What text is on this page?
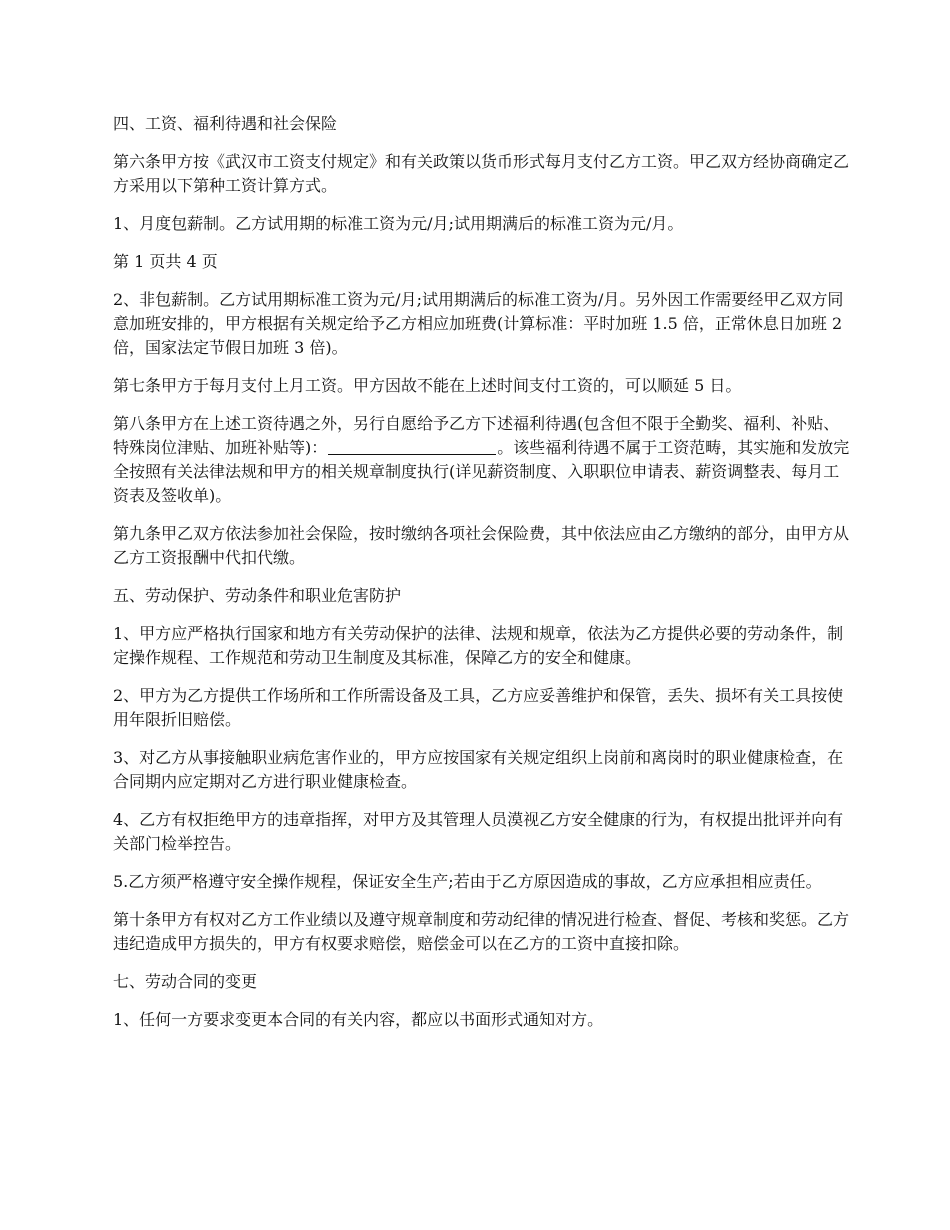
四、工资、福利待遇和社会保险

第六条甲方按《武汉市工资支付规定》和有关政策以货币形式每月支付乙方工资。甲乙双方经协商确定乙方采用以下第种工资计算方式。

1、月度包薪制。乙方试用期的标准工资为元/月;试用期满后的标准工资为元/月。

第 1 页共 4 页

2、非包薪制。乙方试用期标准工资为元/月;试用期满后的标准工资为/月。另外因工作需要经甲乙双方同意加班安排的，甲方根据有关规定给予乙方相应加班费(计算标准：平时加班 1.5 倍，正常休息日加班 2 倍，国家法定节假日加班 3 倍)。

第七条甲方于每月支付上月工资。甲方因故不能在上述时间支付工资的，可以顺延 5 日。

第八条甲方在上述工资待遇之外，另行自愿给予乙方下述福利待遇(包含但不限于全勤奖、福利、补贴、特殊岗位津贴、加班补贴等)：	。该些福利待遇不属于工资范畴，其实施和发放完全按照有关法律法规和甲方的相关规章制度执行(详见薪资制度、入职职位申请表、薪资调整表、每月工资表及签收单)。

第九条甲乙双方依法参加社会保险，按时缴纳各项社会保险费，其中依法应由乙方缴纳的部分，由甲方从乙方工资报酬中代扣代缴。

五、劳动保护、劳动条件和职业危害防护

1、甲方应严格执行国家和地方有关劳动保护的法律、法规和规章，依法为乙方提供必要的劳动条件，制定操作规程、工作规范和劳动卫生制度及其标准，保障乙方的安全和健康。

2、甲方为乙方提供工作场所和工作所需设备及工具，乙方应妥善维护和保管，丢失、损坏有关工具按使用年限折旧赔偿。

3、对乙方从事接触职业病危害作业的，甲方应按国家有关规定组织上岗前和离岗时的职业健康检查，在合同期内应定期对乙方进行职业健康检查。

4、乙方有权拒绝甲方的违章指挥，对甲方及其管理人员漠视乙方安全健康的行为，有权提出批评并向有关部门检举控告。

5.乙方须严格遵守安全操作规程，保证安全生产;若由于乙方原因造成的事故，乙方应承担相应责任。

第十条甲方有权对乙方工作业绩以及遵守规章制度和劳动纪律的情况进行检查、督促、考核和奖惩。乙方违纪造成甲方损失的，甲方有权要求赔偿，赔偿金可以在乙方的工资中直接扣除。

七、劳动合同的变更

1、任何一方要求变更本合同的有关内容，都应以书面形式通知对方。
